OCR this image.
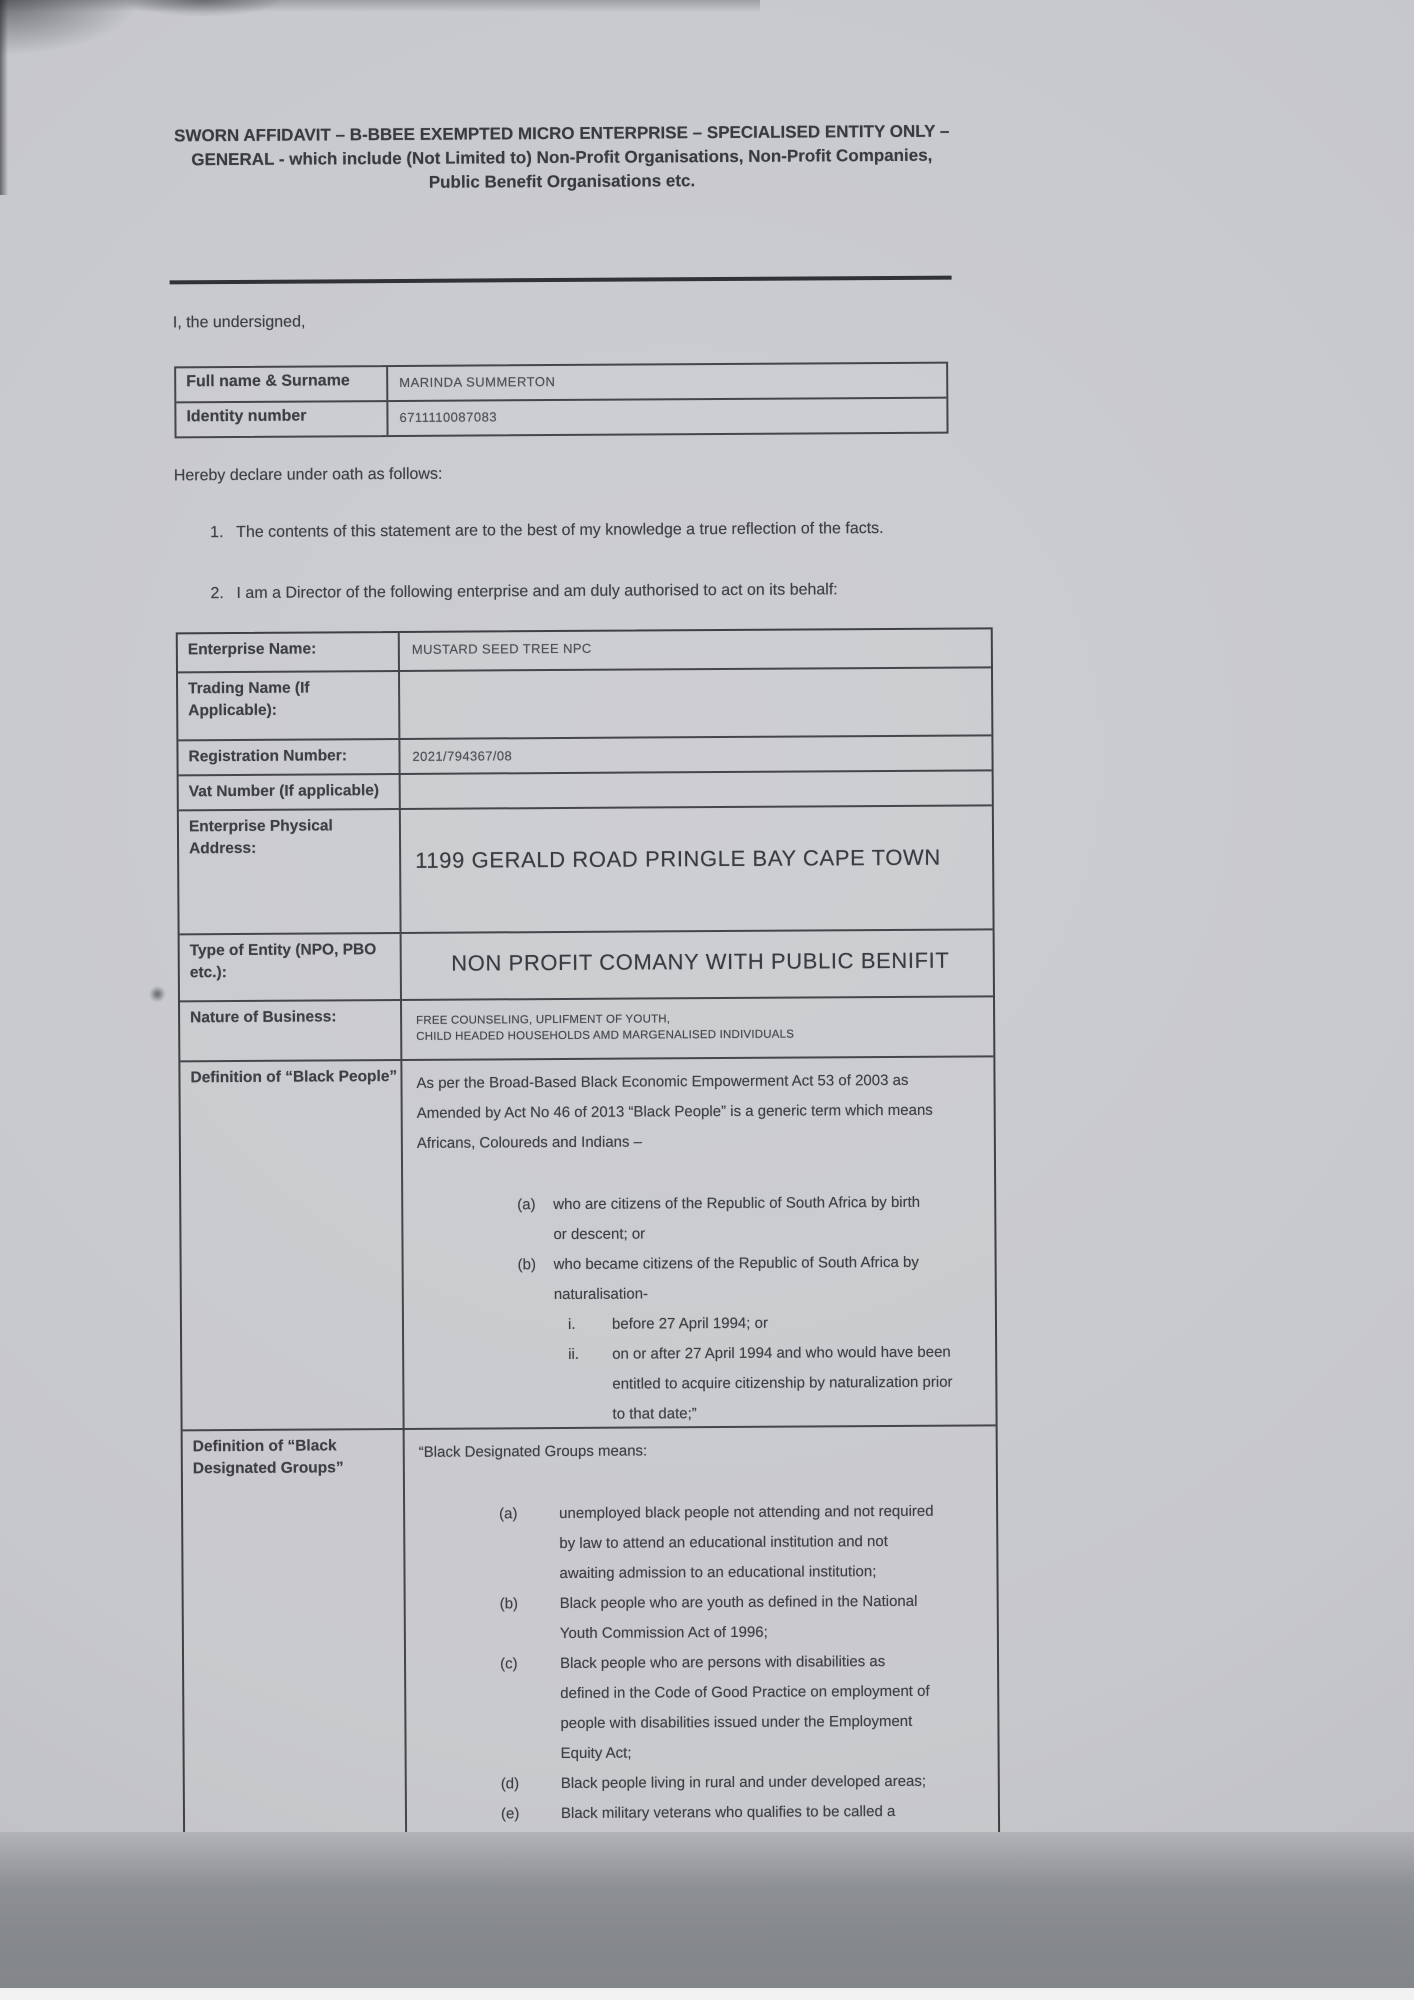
SWORN AFFIDAVIT – B-BBEE EXEMPTED MICRO ENTERPRISE – SPECIALISED ENTITY ONLY –
GENERAL - which include (Not Limited to) Non-Profit Organisations, Non-Profit Companies,
Public Benefit Organisations etc.
I, the undersigned,
Full name & Surname	MARINDA SUMMERTON
Identity number	6711110087083
Hereby declare under oath as follows:
1. The contents of this statement are to the best of my knowledge a true reflection of the facts.
2. I am a Director of the following enterprise and am duly authorised to act on its behalf:
Enterprise Name:	MUSTARD SEED TREE NPC
Trading Name (If Applicable):
Registration Number:	2021/794367/08
Vat Number (If applicable)
Enterprise Physical Address:	1199 GERALD ROAD PRINGLE BAY CAPE TOWN
Type of Entity (NPO, PBO etc.):	NON PROFIT COMANY WITH PUBLIC BENIFIT
Nature of Business:	FREE COUNSELING, UPLIFMENT OF YOUTH,
CHILD HEADED HOUSEHOLDS AMD MARGENALISED INDIVIDUALS
Definition of “Black People”	As per the Broad-Based Black Economic Empowerment Act 53 of 2003 as Amended by Act No 46 of 2013 “Black People” is a generic term which means Africans, Coloureds and Indians –
(a)	who are citizens of the Republic of South Africa by birth or descent; or
(b)	who became citizens of the Republic of South Africa by naturalisation-
i.	before 27 April 1994; or
ii.	on or after 27 April 1994 and who would have been entitled to acquire citizenship by naturalization prior to that date;”
Definition of “Black Designated Groups”
“Black Designated Groups means:
(a)	unemployed black people not attending and not required by law to attend an educational institution and not awaiting admission to an educational institution;
(b)	Black people who are youth as defined in the National Youth Commission Act of 1996;
(c)	Black people who are persons with disabilities as defined in the Code of Good Practice on employment of people with disabilities issued under the Employment Equity Act;
(d)	Black people living in rural and under developed areas;
(e)	Black military veterans who qualifies to be called a
